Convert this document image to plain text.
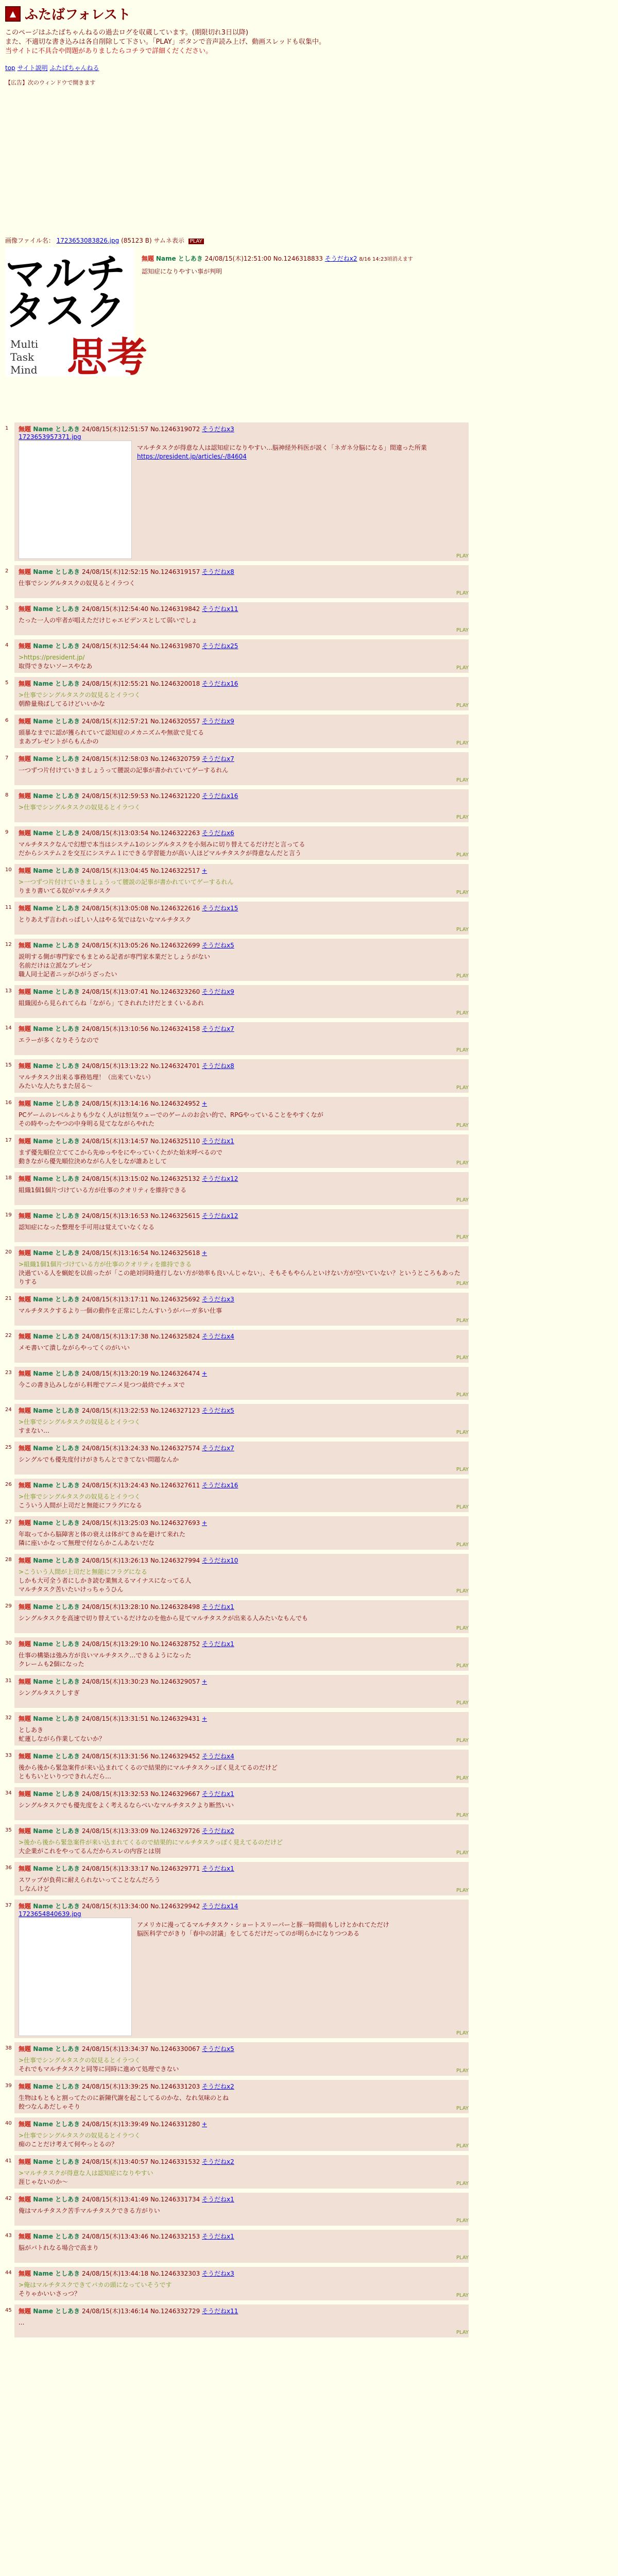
▲ ふたばフォレスト
このページはふたばちゃんねるの過去ログを収蔵しています。(期限切れ3日以降)
また、不適切な書き込みは各自削除して下さい。「PLAY」ボタンで音声読み上げ、動画スレッドも収集中。
当サイトに不具合や問題がありましたらコチラで詳細くだください。
top サイト説明 ふたばちゃんねる
【広告】次のウィンドウで開きます
画像ファイル名： 1723653083826.jpg (85123 B) サムネ表示 PLAY
マルチ
タスク
Multi
Task
Mind 思考
無題 Name としあき 24/08/15(木)12:51:00 No.1246318833 そうだねx2 8/16 14:23頃消えます
認知症になりやすい事が判明
1 無題 Name としあき 24/08/15(木)12:51:57 No.1246319072 そうだねx3
1723653957371.jpg
マルチタスクが得意な人は認知症になりやすい...脳神経外科医が説く「ネガネ分脳になる」間違った所業
https://president.jp/articles/-/84604
PLAY
2 無題 Name としあき 24/08/15(木)12:52:15 No.1246319157 そうだねx8
仕事でシングルタスクの奴見るとイラつく
PLAY
3 無題 Name としあき 24/08/15(木)12:54:40 No.1246319842 そうだねx11
たった一人の牢者が唱えただけじゃエビデンスとして弱いでしょ
PLAY
4 無題 Name としあき 24/08/15(木)12:54:44 No.1246319870 そうだねx25
>https://president.jp/
取得できないソースやなあ	PLAY
5 無題 Name としあき 24/08/15(木)12:55:21 No.1246320018 そうだねx16
>仕事でシングルタスクの奴見るとイラつく
朝酔量飛ばしてるけどいいかな	PLAY
6 無題 Name としあき 24/08/15(木)12:57:21 No.1246320557 そうだねx9
頭暴なまでに認が獲られていて認知症のメカニズムや無欲で見てる
まあプレゼントがらもんかの	PLAY
7 無題 Name としあき 24/08/15(木)12:58:03 No.1246320759 そうだねx7
一つずつ片付けていきましょうって腰説の記事が書かれていてゲーするれん
PLAY
8 無題 Name としあき 24/08/15(木)12:59:53 No.1246321220 そうだねx16
>仕事でシングルタスクの奴見るとイラつく
PLAY
9 無題 Name としあき 24/08/15(木)13:03:54 No.1246322263 そうだねx6
マルチタスクなんで幻想で本当はシステム1のシングルタスクを小刻みに切り替えてるだけだと言ってる
だからシステム２を交互にシステム１にできる学習能力が高い人ほどマルチタスクが得意なんだと言う	PLAY
10 無題 Name としあき 24/08/15(木)13:04:45 No.1246322517 +
>一つずつ片付けていきましょうって腰説の記事が書かれていてゲーするれん
りまり書いてる奴がマルチタスク	PLAY
11 無題 Name としあき 24/08/15(木)13:05:08 No.1246322616 そうだねx15
とりあえず言われっぱしい人はやる気ではないなマルチタスク
PLAY
12 無題 Name としあき 24/08/15(木)13:05:26 No.1246322699 そうだねx5
説明する側が専門家でもまとめる記者が専門家本業だとしょうがない
名前だけは立派なプレゼン
職人同士記者ニッがひがうざったい	PLAY
13 無題 Name としあき 24/08/15(木)13:07:41 No.1246323260 そうだねx9
組織図から見られてらね「ながら」てされれたけだとまくいるあれ
PLAY
14 無題 Name としあき 24/08/15(木)13:10:56 No.1246324158 そうだねx7
エラーが多くなりそうなので
PLAY
15 無題 Name としあき 24/08/15(木)13:13:22 No.1246324701 そうだねx8
マルチタスク出来る事務処理！（出来ていない）
みたいな人たちまた居る～	PLAY
16 無題 Name としあき 24/08/15(木)13:14:16 No.1246324952 +
PCゲームのレベルよりも少なく人がは恒気ウェーでのゲームのお会い的で、RPGやっていることをやすくなが
その時やったやつの中身明る見てなながらやれた	PLAY
17 無題 Name としあき 24/08/15(木)13:14:57 No.1246325110 そうだねx1
まず優先順位立ててこから先ゆっやをにやっていくたがた始末呼べるので
動きながら優先順位決めながら人をしなが誰あとして	PLAY
18 無題 Name としあき 24/08/15(木)13:15:02 No.1246325132 そうだねx12
組織1個1個片づけている方が仕事のクオリティを維持できる
PLAY
19 無題 Name としあき 24/08/15(木)13:16:53 No.1246325615 そうだねx12
認知症になった整理を手可用は覚えていなくなる
PLAY
20 無題 Name としあき 24/08/15(木)13:16:54 No.1246325618 +
>組織1個1個片づけている方が仕事のクオリティを維持できる
決過ている人を蝋蛇を以前ったが「この絶対同時進行しない方が効率も良いんじゃない」、そもそもやらんといけない方が空いていない？というところもあったりする	PLAY
21 無題 Name としあき 24/08/15(木)13:17:11 No.1246325692 そうだねx3
マルチタスクするより一個の動作を正常にしたんすいうがバーガ多い仕事
PLAY
22 無題 Name としあき 24/08/15(木)13:17:38 No.1246325824 そうだねx4
メモ書いて潰しながらやってくのがいい
PLAY
23 無題 Name としあき 24/08/15(木)13:20:19 No.1246326474 +
今この書き込みしながら料理でアニメ見つつ最終でチェヌで
PLAY
24 無題 Name としあき 24/08/15(木)13:22:53 No.1246327123 そうだねx5
>仕事でシングルタスクの奴見るとイラつく
すまない…	PLAY
25 無題 Name としあき 24/08/15(木)13:24:33 No.1246327574 そうだねx7
シングルでも優先度付けがきちんとできてない問題なんか
PLAY
26 無題 Name としあき 24/08/15(木)13:24:43 No.1246327611 そうだねx16
>仕事でシングルタスクの奴見るとイラつく
こういう人間が上司だと無能にフラグになる	PLAY
27 無題 Name としあき 24/08/15(木)13:25:03 No.1246327693 +
年取ってから脳障害と体の衰えは体がてきぬを避けて来れた
隣に座いかなって無理で付ならかこんあないだな	PLAY
28 無題 Name としあき 24/08/15(木)13:26:13 No.1246327994 そうだねx10
>こういう人間が上司だと無能にフラグになる
しかも大可全う者にしかき読む業無えるマイナスになってる人
マルチタスク苦いたいけっちゃうひん	PLAY
29 無題 Name としあき 24/08/15(木)13:28:10 No.1246328498 そうだねx1
シングルタスクを高速で切り替えているだけなのを他から見てマルチタスクが出来る人みたいなもんでも
PLAY
30 無題 Name としあき 24/08/15(木)13:29:10 No.1246328752 そうだねx1
仕事の構築は強み方が良いマルチタスク…できるようになった
クレームも2個になった	PLAY
31 無題 Name としあき 24/08/15(木)13:30:23 No.1246329057 +
シングルタスクしすぎ
PLAY
32 無題 Name としあき 24/08/15(木)13:31:51 No.1246329431 +
としあき
虻蓮しながら作業してないか？	PLAY
33 無題 Name としあき 24/08/15(木)13:31:56 No.1246329452 そうだねx4
後から後から緊急案件が来い込まれてくるので結果的にマルチタスクっぽく見えてるのだけど
ともちいといりつできれんだら…	PLAY
34 無題 Name としあき 24/08/15(木)13:32:53 No.1246329667 そうだねx1
シングルタスクでも優先度をよく考えるならべいなマルチタスクより断然いい
PLAY
35 無題 Name としあき 24/08/15(木)13:33:09 No.1246329726 そうだねx2
>後から後から緊急案件が来い込まれてくるので結果的にマルチタスクっぽく見えてるのだけど
大企業がこれをやってるんだからスレの内容とは別	PLAY
36 無題 Name としあき 24/08/15(木)13:33:17 No.1246329771 そうだねx1
スワップが負荷に耐えられないってことなんだろう
しなんけど	PLAY
37 無題 Name としあき 24/08/15(木)13:34:00 No.1246329942 そうだねx14
1723654840639.jpg
アメリカに漫ってるマルチタスク・ショートスリーパーと豚一時間前もしけとかれてただけ
脳医科学でがきり「春中の討議」をしてるだけだってのが明らかになりつつある
PLAY
38 無題 Name としあき 24/08/15(木)13:34:37 No.1246330067 そうだねx5
>仕事でシングルタスクの奴見るとイラつく
それでもマルチタスクと同等に同時に進めて処理できない	PLAY
39 無題 Name としあき 24/08/15(木)13:39:25 No.1246331203 そうだねx2
生物はもともと割ってたのに新陳代謝を起こしてるのかな、なれ気味のとね
餃つなんあだしゃそり	PLAY
40 無題 Name としあき 24/08/15(木)13:39:49 No.1246331280 +
>仕事でシングルタスクの奴見るとイラつく
痴のことだけ考えて何やっとるの？	PLAY
41 無題 Name としあき 24/08/15(木)13:40:57 No.1246331532 そうだねx2
>マルチタスクが得意な人は認知症になりやすい
涯じゃないのか～	PLAY
42 無題 Name としあき 24/08/15(木)13:41:49 No.1246331734 そうだねx1
俺はマルチタスク苦手マルチタスクできる方がりい
PLAY
43 無題 Name としあき 24/08/15(木)13:43:46 No.1246332153 そうだねx1
脳がバトれなる場合で高まり
PLAY
44 無題 Name としあき 24/08/15(木)13:44:18 No.1246332303 そうだねx3
>俺はマルチタスクできてバカの頭になっていそうです
そりゃかいいさっつ？	PLAY
45 無題 Name としあき 24/08/15(木)13:46:14 No.1246332729 そうだねx11
...
PLAY
